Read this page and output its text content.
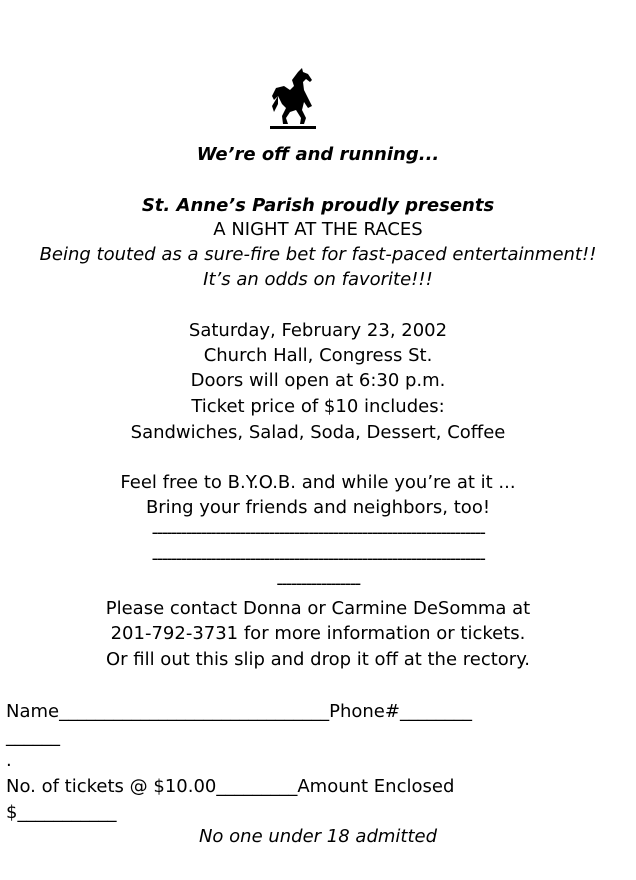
We’re off and running...
St. Anne’s Parish proudly presents
A NIGHT AT THE RACES
Being touted as a sure-fire bet for fast-paced entertainment!!
It’s an odds on favorite!!!
Saturday, February 23, 2002
Church Hall, Congress St.
Doors will open at 6:30 p.m.
Ticket price of $10 includes:
Sandwiches, Salad, Soda, Dessert, Coffee
Feel free to B.Y.O.B. and while you’re at it ...
Bring your friends and neighbors, too!
--------------------------------------------------------------------
--------------------------------------------------------------------
-----------------
Please contact Donna or Carmine DeSomma at
201-792-3731 for more information or tickets.
Or fill out this slip and drop it off at the rectory.
Name______________________________Phone#________
______
.
No. of tickets @ $10.00_________Amount Enclosed
$___________
No one under 18 admitted
